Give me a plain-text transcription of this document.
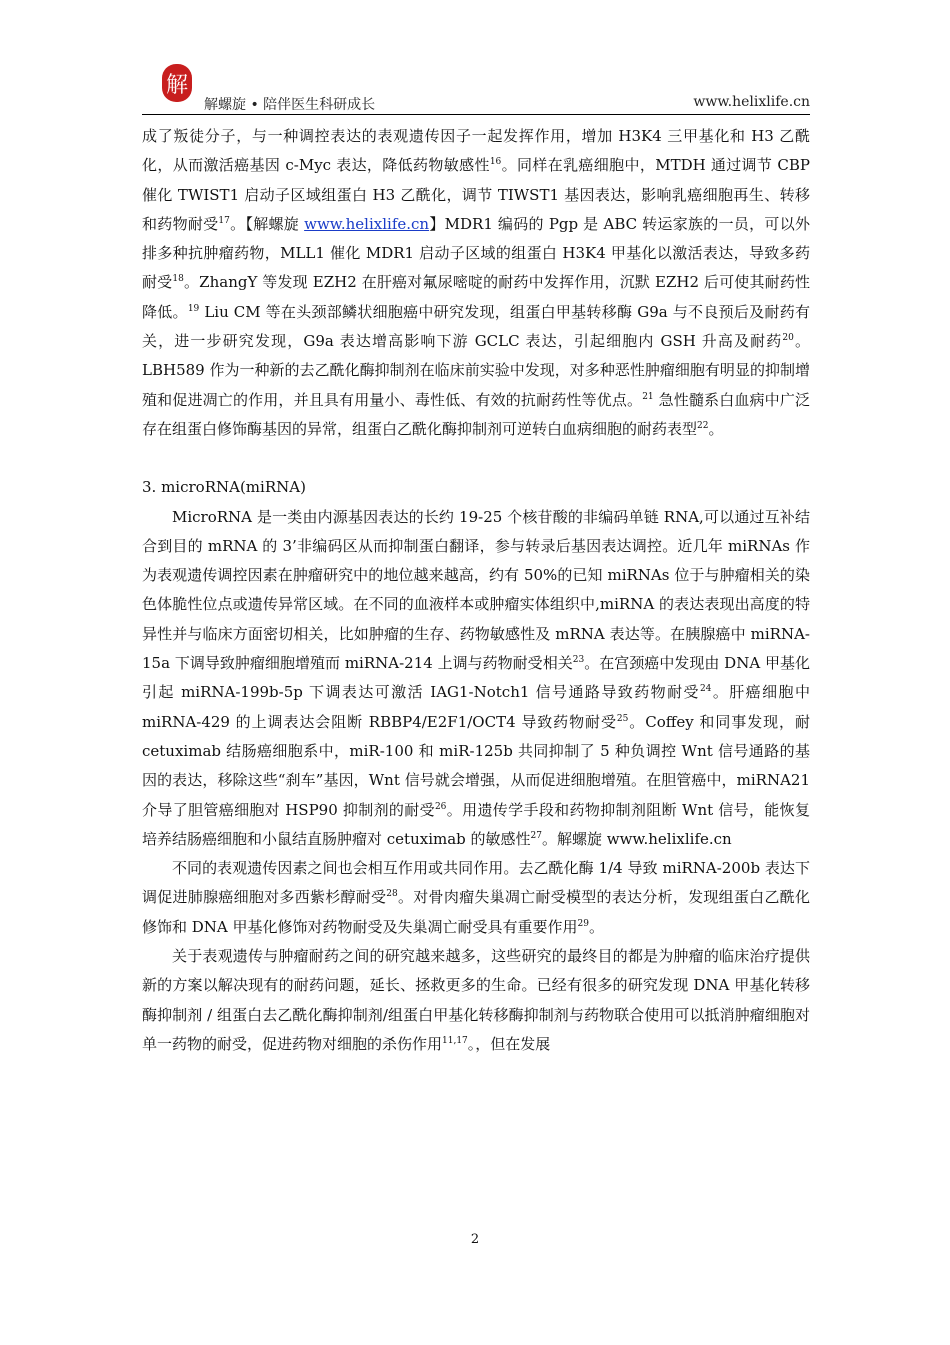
解
解螺旋 • 陪伴医生科研成长	www.helixlife.cn

成了叛徒分子，与一种调控表达的表观遗传因子一起发挥作用，增加 H3K4 三甲基化和 H3 乙酰化，从而激活癌基因 c-Myc 表达，降低药物敏感性$^{16}$。同样在乳癌细胞中，MTDH 通过调节 CBP 催化 TWIST1 启动子区域组蛋白 H3 乙酰化，调节 TIWST1 基因表达，影响乳癌细胞再生、转移和药物耐受$^{17}$。【解螺旋 www.helixlife.cn】MDR1 编码的 Pgp 是 ABC 转运家族的一员，可以外排多种抗肿瘤药物，MLL1 催化 MDR1 启动子区域的组蛋白 H3K4 甲基化以激活表达，导致多药耐受$^{18}$。ZhangY 等发现 EZH2 在肝癌对氟尿嘧啶的耐药中发挥作用，沉默 EZH2 后可使其耐药性降低。$^{19}$ Liu CM 等在头颈部鳞状细胞癌中研究发现，组蛋白甲基转移酶 G9a 与不良预后及耐药有关，进一步研究发现，G9a 表达增高影响下游 GCLC 表达，引起细胞内 GSH 升高及耐药$^{20}$。LBH589 作为一种新的去乙酰化酶抑制剂在临床前实验中发现，对多种恶性肿瘤细胞有明显的抑制增殖和促进凋亡的作用，并且具有用量小、毒性低、有效的抗耐药性等优点。$^{21}$ 急性髓系白血病中广泛存在组蛋白修饰酶基因的异常，组蛋白乙酰化酶抑制剂可逆转白血病细胞的耐药表型$^{22}$。

3. microRNA(miRNA)

MicroRNA 是一类由内源基因表达的长约 19-25 个核苷酸的非编码单链 RNA,可以通过互补结合到目的 mRNA 的 3’非编码区从而抑制蛋白翻译，参与转录后基因表达调控。近几年 miRNAs 作为表观遗传调控因素在肿瘤研究中的地位越来越高，约有 50%的已知 miRNAs 位于与肿瘤相关的染色体脆性位点或遗传异常区域。在不同的血液样本或肿瘤实体组织中,miRNA 的表达表现出高度的特异性并与临床方面密切相关，比如肿瘤的生存、药物敏感性及 mRNA 表达等。在胰腺癌中 miRNA-15a 下调导致肿瘤细胞增殖而 miRNA-214 上调与药物耐受相关$^{23}$。在宫颈癌中发现由 DNA 甲基化引起 miRNA-199b-5p 下调表达可激活 IAG1-Notch1 信号通路导致药物耐受$^{24}$。肝癌细胞中 miRNA-429 的上调表达会阻断 RBBP4/E2F1/OCT4 导致药物耐受$^{25}$。Coffey 和同事发现，耐 cetuximab 结肠癌细胞系中，miR-100 和 miR-125b 共同抑制了 5 种负调控 Wnt 信号通路的基因的表达，移除这些“刹车”基因，Wnt 信号就会增强，从而促进细胞增殖。在胆管癌中，miRNA21 介导了胆管癌细胞对 HSP90 抑制剂的耐受$^{26}$。用遗传学手段和药物抑制剂阻断 Wnt 信号，能恢复培养结肠癌细胞和小鼠结直肠肿瘤对 cetuximab 的敏感性$^{27}$。解螺旋 www.helixlife.cn

不同的表观遗传因素之间也会相互作用或共同作用。去乙酰化酶 1/4 导致 miRNA-200b 表达下调促进肺腺癌细胞对多西紫杉醇耐受$^{28}$。对骨肉瘤失巢凋亡耐受模型的表达分析，发现组蛋白乙酰化修饰和 DNA 甲基化修饰对药物耐受及失巢凋亡耐受具有重要作用$^{29}$。

关于表观遗传与肿瘤耐药之间的研究越来越多，这些研究的最终目的都是为肿瘤的临床治疗提供新的方案以解决现有的耐药问题，延长、拯救更多的生命。已经有很多的研究发现 DNA 甲基化转移酶抑制剂 / 组蛋白去乙酰化酶抑制剂/组蛋白甲基化转移酶抑制剂与药物联合使用可以抵消肿瘤细胞对单一药物的耐受，促进药物对细胞的杀伤作用$^{11,17}$。，但在发展

2
